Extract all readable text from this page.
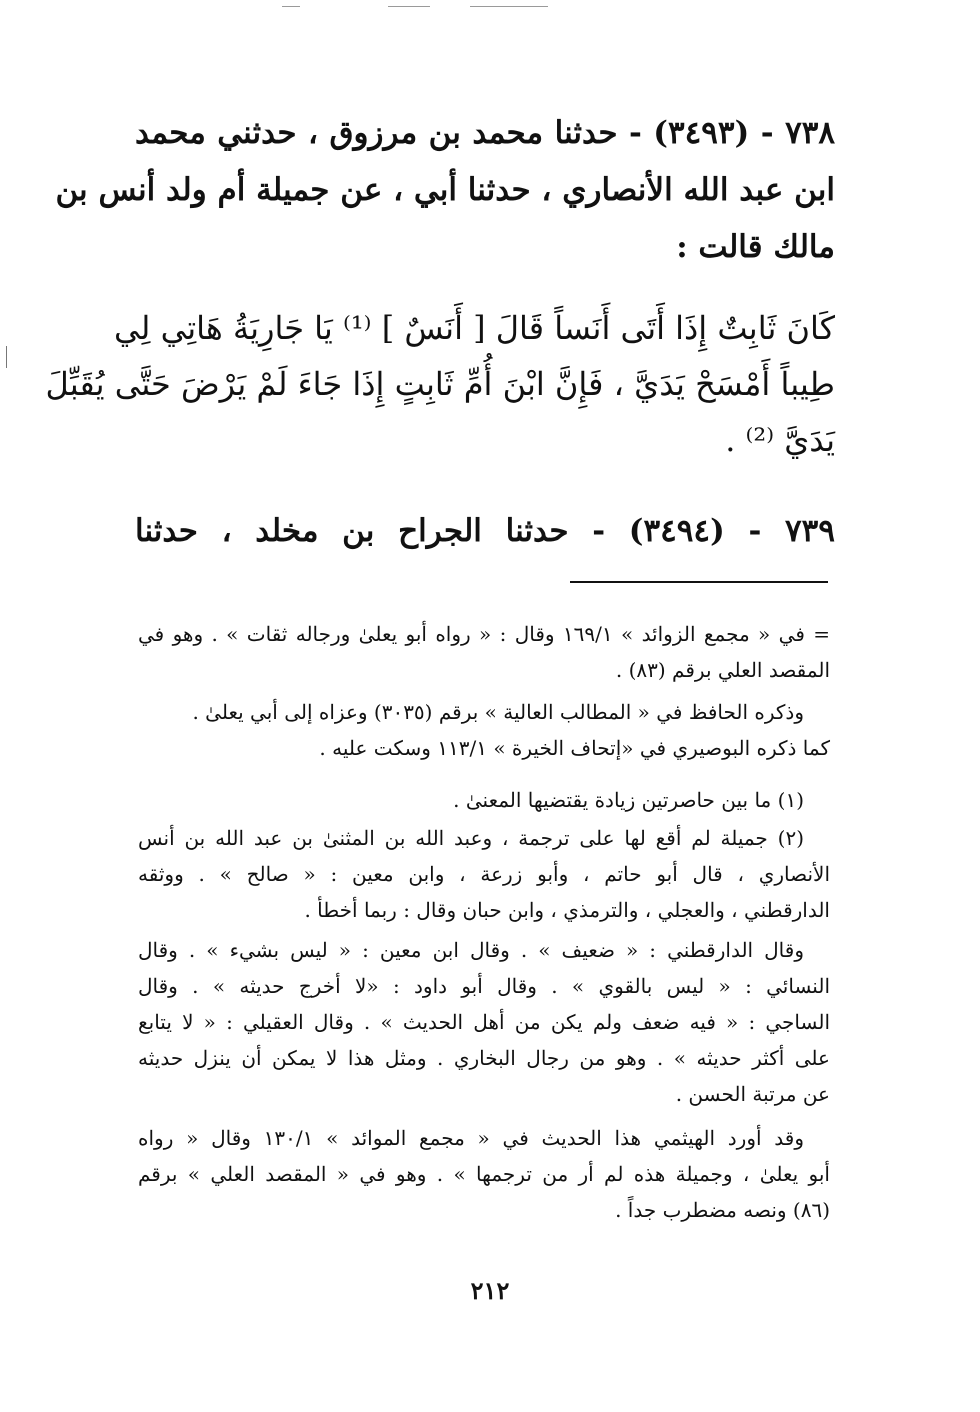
٧٣٨ - (٣٤٩٣) - حدثنا محمد بن مرزوق ، حدثني محمد
ابن عبد الله الأنصاري ، حدثنا أبي ، عن جميلة أم ولد أنس بن
مالك قالت :
كَانَ ثَابِتٌ إِذَا أَتَى أَنَساً قَالَ [ أَنَسٌ ] ⁽¹⁾ يَا جَارِيَةُ هَاتِي لِي
طِيباً أَمْسَحْ يَدَيَّ ، فَإِنَّ ابْنَ أُمِّ ثَابِتٍ إِذَا جَاءَ لَمْ يَرْضَ حَتَّى يُقَبِّلَ
يَدَيَّ ⁽²⁾ .
٧٣٩ - (٣٤٩٤) - حدثنا الجراح بن مخلد ، حدثنا
= في « مجمع الزوائد » ١٦٩/١ وقال : « رواه أبو يعلىٰ ورجاله ثقات » . وهو في
المقصد العلي برقم (٨٣) .
وذكره الحافظ في « المطالب العالية » برقم (٣٠٣٥) وعزاه إلى أبي يعلىٰ .
كما ذكره البوصيري في «إتحاف الخيرة » ١١٣/١ وسكت عليه .
(١) ما بين حاصرتين زيادة يقتضيها المعنىٰ .
(٢) جميلة لم أقع لها على ترجمة ، وعبد الله بن المثنىٰ بن عبد الله بن أنس
الأنصاري ، قال أبو حاتم ، وأبو زرعة ، وابن معين : « صالح » . ووثقه
الدارقطني ، والعجلي ، والترمذي ، وابن حبان وقال : ربما أخطأ .
وقال الدارقطني : « ضعيف » . وقال ابن معين : « ليس بشيء » . وقال
النسائي : « ليس بالقوي » . وقال أبو داود : «لا أخرج حديثه » . وقال
الساجي : « فيه ضعف ولم يكن من أهل الحديث » . وقال العقيلي : « لا يتابع
على أكثر حديثه » . وهو من رجال البخاري . ومثل هذا لا يمكن أن ينزل حديثه
عن مرتبة الحسن .
وقد أورد الهيثمي هذا الحديث في « مجمع الموائد » ١٣٠/١ وقال « رواه
أبو يعلىٰ ، وجميلة هذه لم أر من ترجمها » . وهو في « المقصد العلي » برقم
(٨٦) ونصه مضطرب جداً .
٢١٢
